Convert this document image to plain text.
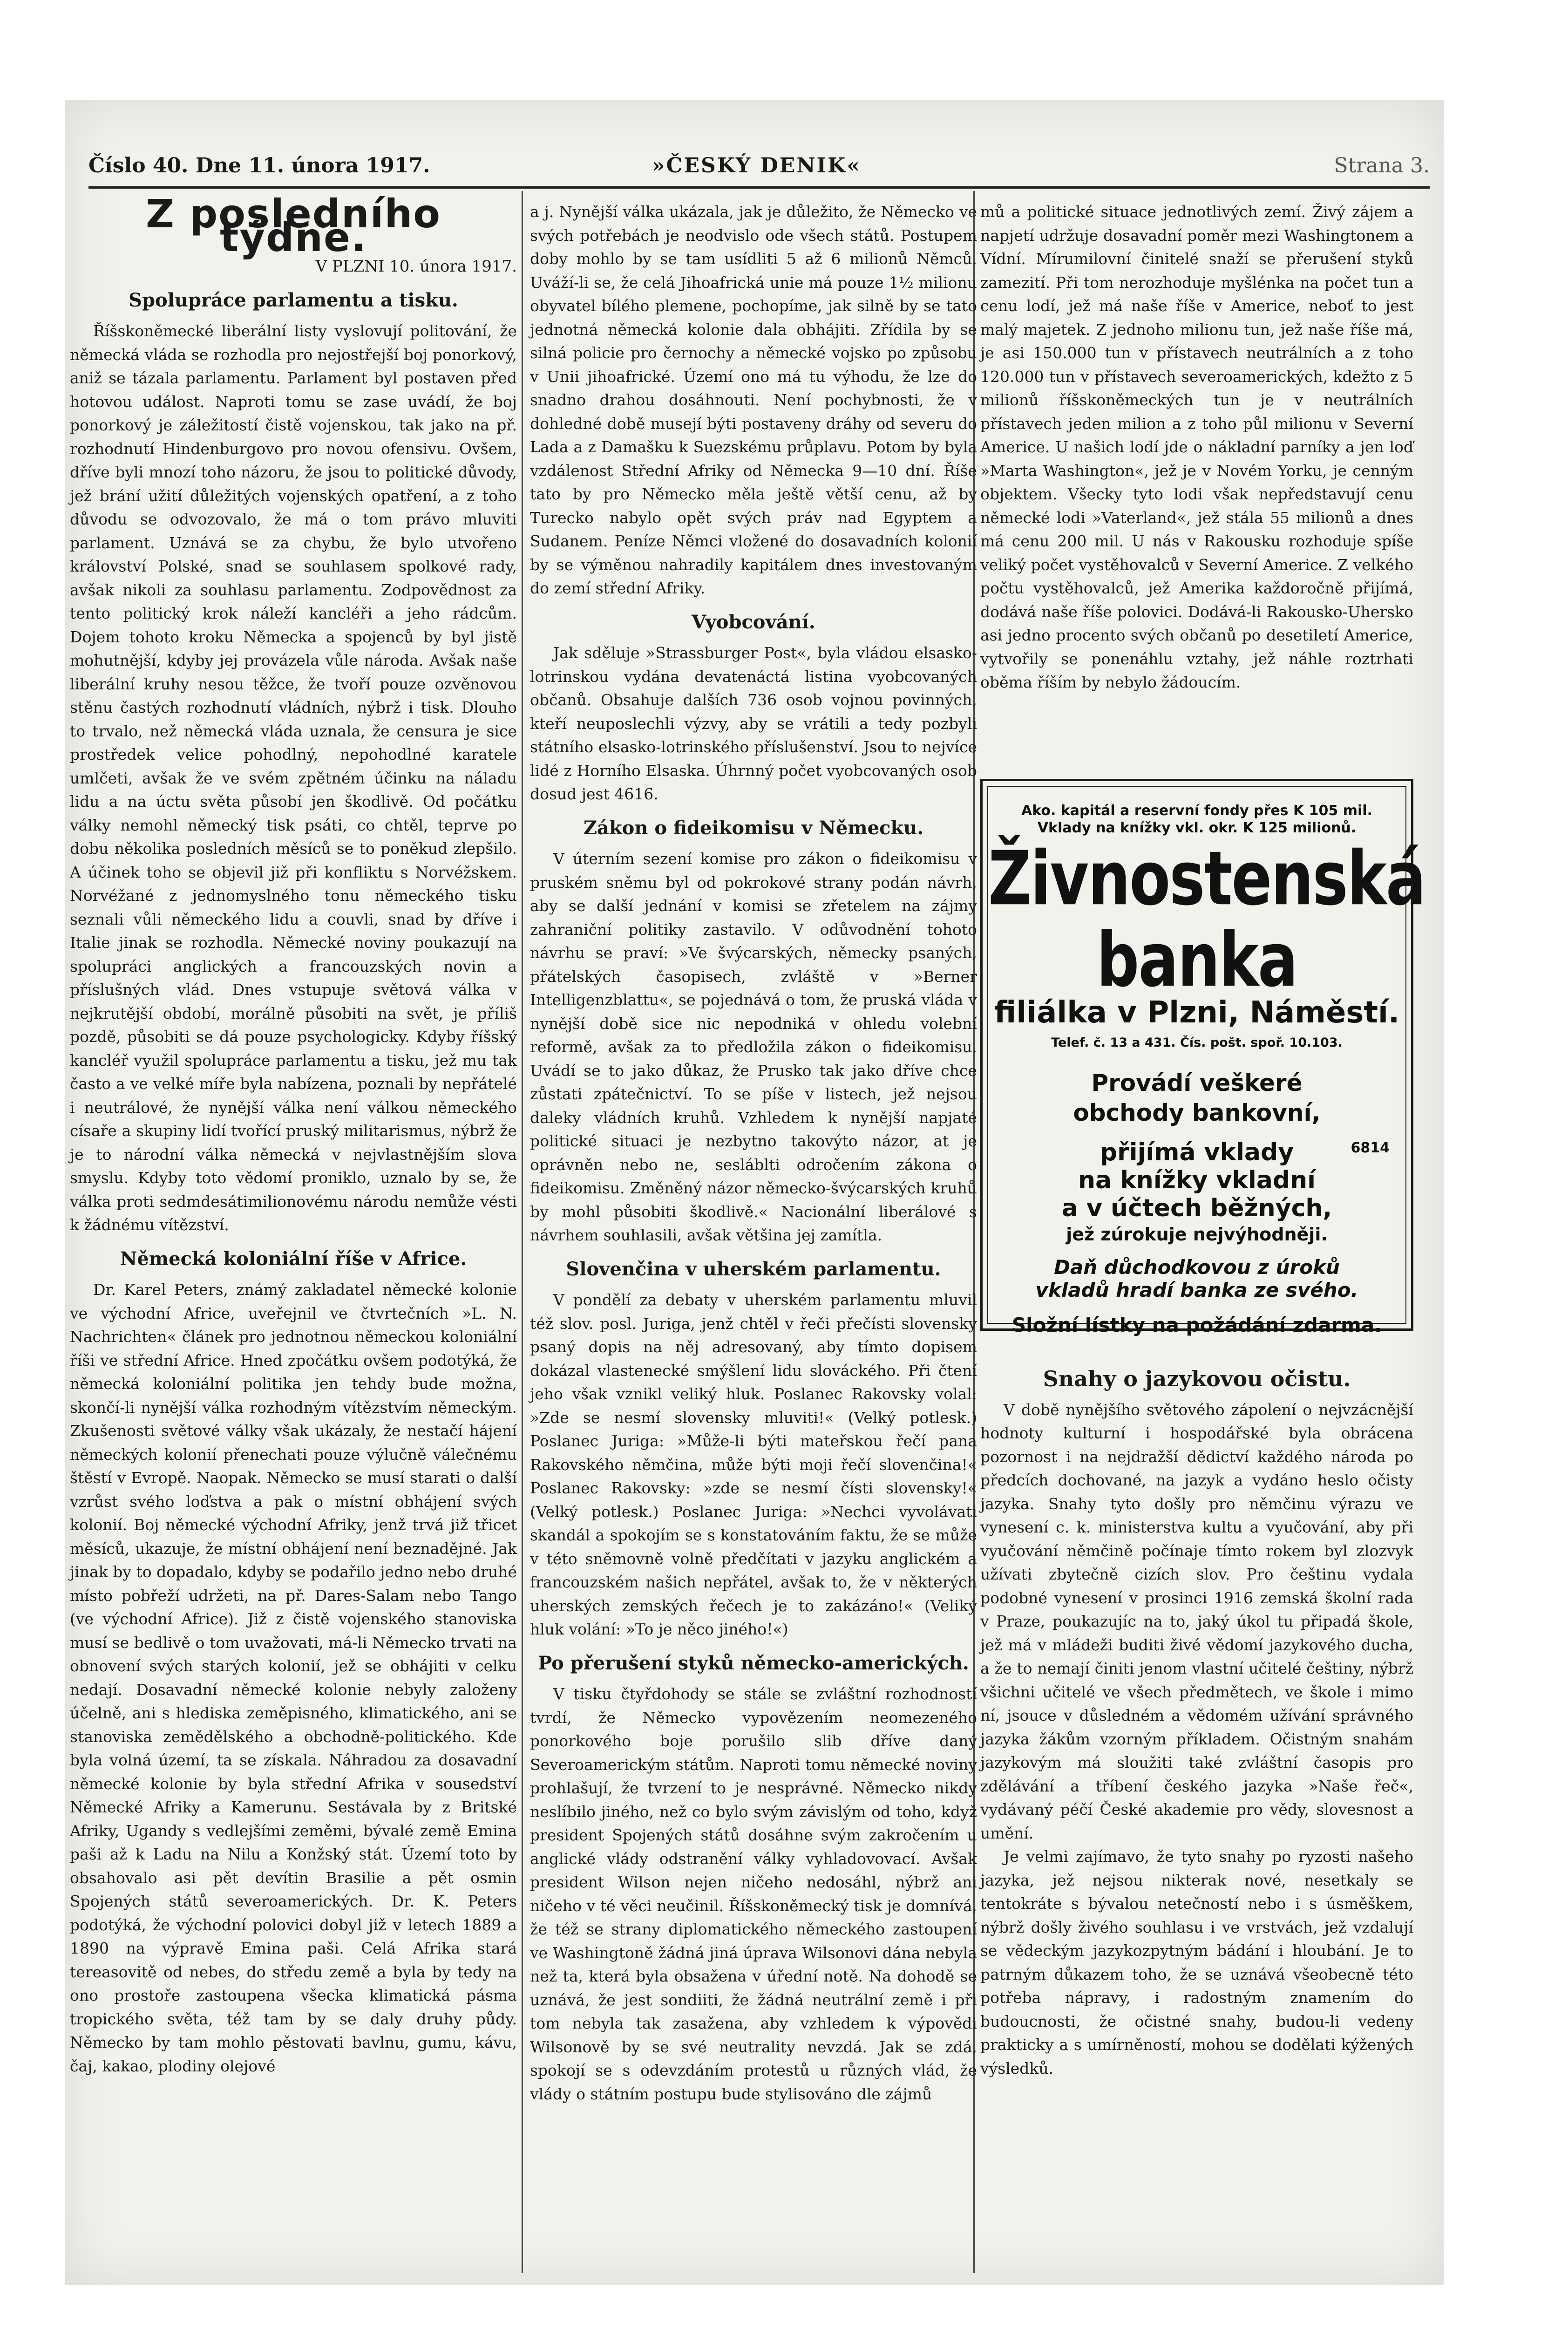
Číslo 40. Dne 11. února 1917.	»ČESKÝ DENIK«	Strana 3.
Z posledního týdne.
V PLZNI 10. února 1917.
Spolupráce parlamentu a tisku.

Říšskoněmecké liberální listy vyslovují politování, že německá vláda se rozhodla pro nejostřejší boj ponorkový, aniž se tázala parlamentu. Parlament byl postaven před hotovou událost. Naproti tomu se zase uvádí, že boj ponorkový je záležitostí čistě vojenskou, tak jako na př. rozhodnutí Hindenburgovo pro novou ofensivu. Ovšem, dříve byli mnozí toho názoru, že jsou to politické důvody, jež brání užití důležitých vojenských opatření, a z toho důvodu se odvozovalo, že má o tom právo mluviti parlament. Uznává se za chybu, že bylo utvořeno království Polské, snad se souhlasem spolkové rady, avšak nikoli za souhlasu parlamentu. Zodpovědnost za tento politický krok náleží kancléři a jeho rádcům. Dojem tohoto kroku Německa a spojenců by byl jistě mohutnější, kdyby jej provázela vůle národa. Avšak naše liberální kruhy nesou těžce, že tvoří pouze ozvěnovou stěnu častých rozhodnutí vládních, nýbrž i tisk. Dlouho to trvalo, než německá vláda uznala, že censura je sice prostředek velice pohodlný, nepohodlné karatele umlčeti, avšak že ve svém zpětném účinku na náladu lidu a na úctu světa působí jen škodlivě. Od počátku války nemohl německý tisk psáti, co chtěl, teprve po dobu několika posledních měsíců se to poněkud zlepšilo. A účinek toho se objevil již při konfliktu s Norvéžskem. Norvéžané z jednomyslného tonu německého tisku seznali vůli německého lidu a couvli, snad by dříve i Italie jinak se rozhodla. Německé noviny poukazují na spolupráci anglických a francouzských novin a příslušných vlád. Dnes vstupuje světová válka v nejkrutější období, morálně působiti na svět, je příliš pozdě, působiti se dá pouze psychologicky. Kdyby říšský kancléř využil spolupráce parlamentu a tisku, jež mu tak často a ve velké míře byla nabízena, poznali by nepřátelé i neutrálové, že nynější válka není válkou německého císaře a skupiny lidí tvořící pruský militarismus, nýbrž že je to národní válka německá v nejvlastnějším slova smyslu. Kdyby toto vědomí proniklo, uznalo by se, že válka proti sedmdesátimilionovému národu nemůže vésti k žádnému vítězství.

Německá koloniální říše v Africe.

Dr. Karel Peters, známý zakladatel německé kolonie ve východní Africe, uveřejnil ve čtvrtečních »L. N. Nachrichten« článek pro jednotnou německou koloniální říši ve střední Africe. Hned zpočátku ovšem podotýká, že německá koloniální politika jen tehdy bude možna, skončí-li nynější válka rozhodným vítězstvím německým. Zkušenosti světové války však ukázaly, že nestačí hájení německých kolonií přenechati pouze výlučně válečnému štěstí v Evropě. Naopak. Německo se musí starati o další vzrůst svého loďstva a pak o místní obhájení svých kolonií. Boj německé východní Afriky, jenž trvá již třicet měsíců, ukazuje, že místní obhájení není beznadějné. Jak jinak by to dopadalo, kdyby se podařilo jedno nebo druhé místo pobřeží udržeti, na př. Dares-Salam nebo Tango (ve východní Africe). Již z čistě vojenského stanoviska musí se bedlivě o tom uvažovati, má-li Německo trvati na obnovení svých starých kolonií, jež se obhájiti v celku nedají. Dosavadní německé kolonie nebyly založeny účelně, ani s hlediska zeměpisného, klimatického, ani se stanoviska zemědělského a obchodně-politického. Kde byla volná území, ta se získala. Náhradou za dosavadní německé kolonie by byla střední Afrika v sousedství Německé Afriky a Kamerunu. Sestávala by z Britské Afriky, Ugandy s vedlejšími zeměmi, bývalé země Emina paši až k Ladu na Nilu a Konžský stát. Území toto by obsahovalo asi pět devítin Brasilie a pět osmin Spojených států severoamerických. Dr. K. Peters podotýká, že východní polovici dobyl již v letech 1889 a 1890 na výpravě Emina paši. Celá Afrika stará tereasovitě od nebes, do středu země a byla by tedy na ono prostoře zastoupena všecka klimatická pásma tropického světa, též tam by se daly druhy půdy. Německo by tam mohlo pěstovati bavlnu, gumu, kávu, čaj, kakao, plodiny olejové

a j. Nynější válka ukázala, jak je důležito, že Německo ve svých potřebách je neodvislo ode všech států. Postupem doby mohlo by se tam usídliti 5 až 6 milionů Němců. Uváží-li se, že celá Jihoafrická unie má pouze 1½ milionu obyvatel bílého plemene, pochopíme, jak silně by se tato jednotná německá kolonie dala obhájiti. Zřídila by se silná policie pro černochy a německé vojsko po způsobu v Unii jihoafrické. Území ono má tu výhodu, že lze do snadno drahou dosáhnouti. Není pochybnosti, že v dohledné době musejí býti postaveny dráhy od severu do Lada a z Damašku k Suezskému průplavu. Potom by byla vzdálenost Střední Afriky od Německa 9—10 dní. Říše tato by pro Německo měla ještě větší cenu, až by Turecko nabylo opět svých práv nad Egyptem a Sudanem. Peníze Němci vložené do dosavadních kolonií by se výměnou nahradily kapitálem dnes investovaným do zemí střední Afriky.

Vyobcování.

Jak sděluje »Strassburger Post«, byla vládou elsasko-lotrinskou vydána devatenáctá listina vyobcovaných občanů. Obsahuje dalších 736 osob vojnou povinných, kteří neuposlechli výzvy, aby se vrátili a tedy pozbyli státního elsasko-lotrinského příslušenství. Jsou to nejvíce lidé z Horního Elsaska. Úhrnný počet vyobcovaných osob dosud jest 4616.

Zákon o fideikomisu v Německu.

V úterním sezení komise pro zákon o fideikomisu v pruském sněmu byl od pokrokové strany podán návrh, aby se další jednání v komisi se zřetelem na zájmy zahraniční politiky zastavilo. V odůvodnění tohoto návrhu se praví: »Ve švýcarských, německy psaných, přátelských časopisech, zvláště v »Berner Intelligenzblattu«, se pojednává o tom, že pruská vláda v nynější době sice nic nepodniká v ohledu volební reformě, avšak za to předložila zákon o fideikomisu. Uvádí se to jako důkaz, že Prusko tak jako dříve chce zůstati zpátečnictví. To se píše v listech, jež nejsou daleky vládních kruhů. Vzhledem k nynější napjaté politické situaci je nezbytno takovýto názor, at je oprávněn nebo ne, sesláblti odročením zákona o fideikomisu. Změněný názor německo-švýcarských kruhů by mohl působiti škodlivě.« Nacionální liberálové s návrhem souhlasili, avšak většina jej zamítla.

Slovenčina v uherském parlamentu.

V pondělí za debaty v uherském parlamentu mluvil též slov. posl. Juriga, jenž chtěl v řeči přečísti slovensky psaný dopis na něj adresovaný, aby tímto dopisem dokázal vlastenecké smýšlení lidu slováckého. Při čtení jeho však vznikl veliký hluk. Poslanec Rakovsky volal: »Zde se nesmí slovensky mluviti!« (Velký potlesk.) Poslanec Juriga: »Může-li býti mateřskou řečí pana Rakovského němčina, může býti moji řečí slovenčina!« Poslanec Rakovsky: »zde se nesmí čísti slovensky!« (Velký potlesk.) Poslanec Juriga: »Nechci vyvolávati skandál a spokojím se s konstatováním faktu, že se může v této sněmovně volně předčítati v jazyku anglickém a francouzském našich nepřátel, avšak to, že v některých uherských zemských řečech je to zakázáno!« (Veliký hluk volání: »To je něco jiného!«)

Po přerušení styků německo-amerických.

V tisku čtyřdohody se stále se zvláštní rozhodností tvrdí, že Německo vypovězením neomezeného ponorkového boje porušilo slib dříve daný Severoamerickým státům. Naproti tomu německé noviny prohlašují, že tvrzení to je nesprávné. Německo nikdy neslíbilo jiného, než co bylo svým závislým od toho, když president Spojených států dosáhne svým zakročením u anglické vlády odstranění války vyhladovovací. Avšak president Wilson nejen ničeho nedosáhl, nýbrž ani ničeho v té věci neučinil. Říšskoněmecký tisk je domnívá, že též se strany diplomatického německého zastoupení ve Washingtoně žádná jiná úprava Wilsonovi dána nebyla než ta, která byla obsažena v úřední notě. Na dohodě se uznává, že jest sondiiti, že žádná neutrální země i při tom nebyla tak zasažena, aby vzhledem k výpovědi Wilsonově by se své neutrality nevzdá. Jak se zdá, spokojí se s odevzdáním protestů u různých vlád, že vlády o státním postupu bude stylisováno dle zájmů

mů a politické situace jednotlivých zemí. Živý zájem a napjetí udržuje dosavadní poměr mezi Washingtonem a Vídní. Mírumilovní činitelé snaží se přerušení styků zamezití. Při tom nerozhoduje myšlénka na počet tun a cenu lodí, jež má naše říše v Americe, neboť to jest malý majetek. Z jednoho milionu tun, jež naše říše má, je asi 150.000 tun v přístavech neutrálních a z toho 120.000 tun v přístavech severoamerických, kdežto z 5 milionů říšskoněmeckých tun je v neutrálních přístavech jeden milion a z toho půl milionu v Severní Americe. U našich lodí jde o nákladní parníky a jen loď »Marta Washington«, jež je v Novém Yorku, je cenným objektem. Všecky tyto lodi však nepředstavují cenu německé lodi »Vaterland«, jež stála 55 milionů a dnes má cenu 200 mil. U nás v Rakousku rozhoduje spíše veliký počet vystěhovalců v Severní Americe. Z velkého počtu vystěhovalců, jež Amerika každoročně přijímá, dodává naše říše polovici. Dodává-li Rakousko-Uhersko asi jedno procento svých občanů po desetiletí Americe, vytvořily se ponenáhlu vztahy, jež náhle roztrhati oběma říším by nebylo žádoucím.

Ako. kapitál a reservní fondy přes K 105 mil.
Vklady na knížky vkl. okr. K 125 milionů.
Živnostenská banka
filiálka v Plzni, Náměstí.
Telef. č. 13 a 431. Čís. pošt. spoř. 10.103.
Provádí veškeré
obchody bankovní,
přijímá vklady
na knížky vkladní
a v účtech běžných,
jež zúrokuje nejvýhodněji.
Daň důchodkovou z úroků
vkladů hradí banka ze svého.
Složní lístky na požádání zdarma.
6814
Snahy o jazykovou očistu.

V době nynějšího světového zápolení o nejvzácnější hodnoty kulturní i hospodářské byla obrácena pozornost i na nejdražší dědictví každého národa po předcích dochované, na jazyk a vydáno heslo očisty jazyka. Snahy tyto došly pro němčinu výrazu ve vynesení c. k. ministerstva kultu a vyučování, aby při vyučování němčině počínaje tímto rokem byl zlozvyk užívati zbytečně cizích slov. Pro češtinu vydala podobné vynesení v prosinci 1916 zemská školní rada v Praze, poukazujíc na to, jaký úkol tu připadá škole, jež má v mládeži buditi živé vědomí jazykového ducha, a že to nemají činiti jenom vlastní učitelé češtiny, nýbrž všichni učitelé ve všech předmětech, ve škole i mimo ní, jsouce v důsledném a vědomém užívání správného jazyka žákům vzorným příkladem. Očistným snahám jazykovým má sloužiti také zvláštní časopis pro zdělávání a tříbení českého jazyka »Naše řeč«, vydávaný péčí České akademie pro vědy, slovesnost a umění.

Je velmi zajímavo, že tyto snahy po ryzosti našeho jazyka, jež nejsou nikterak nové, nesetkaly se tentokráte s bývalou netečností nebo i s úsměškem, nýbrž došly živého souhlasu i ve vrstvách, jež vzdalují se vědeckým jazykozpytným bádání i hloubání. Je to patrným důkazem toho, že se uznává všeobecně této potřeba nápravy, i radostným znamením do budoucnosti, že očistné snahy, budou-li vedeny prakticky a s umírněností, mohou se dodělati kýžených výsledků.
